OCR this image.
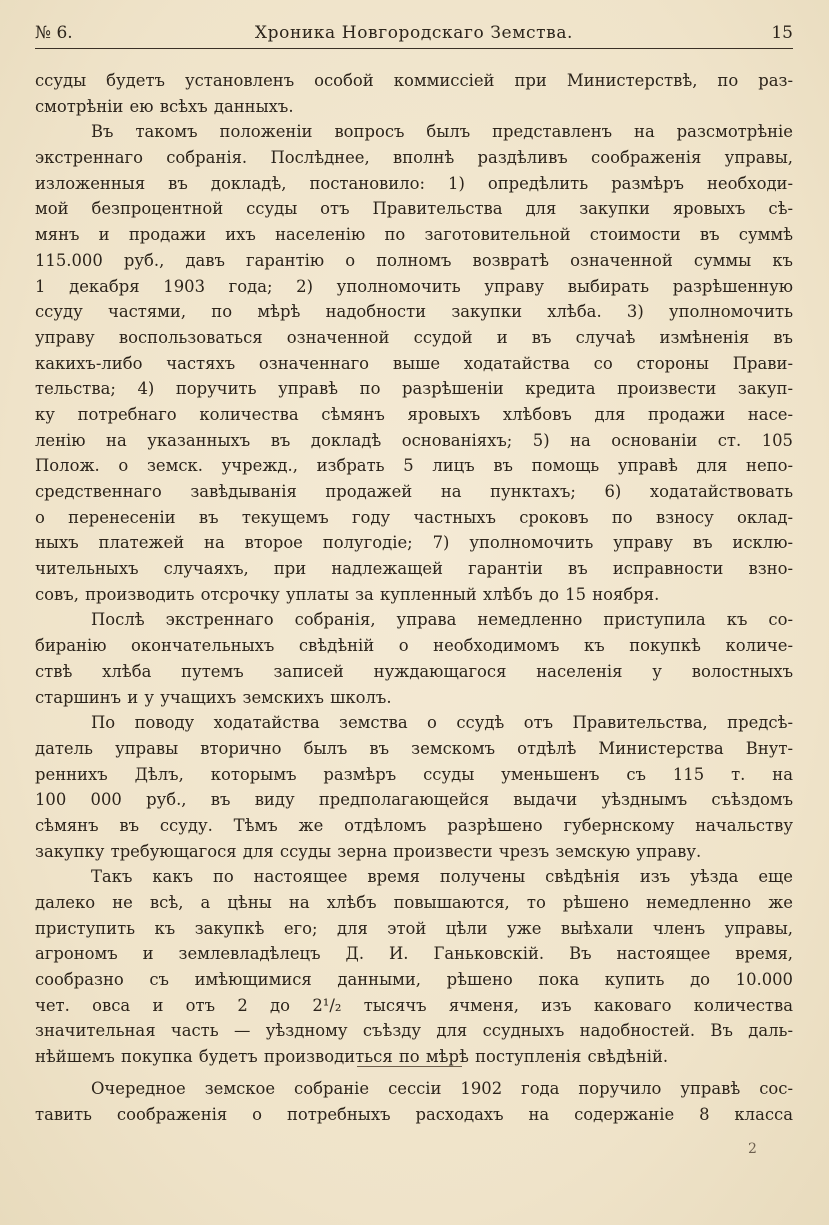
№ 6.	Хроника Новгородскаго Земства.	15
ссуды будетъ установленъ особой коммиссiей при Министерствѣ, по раз-
смотрѣнiи ею всѣхъ данныхъ.
Въ такомъ положенiи вопросъ былъ представленъ на разсмотрѣнiе
экстреннаго собранiя. Послѣднее, вполнѣ раздѣливъ соображенiя управы,
изложенныя въ докладѣ, постановило: 1) опредѣлить размѣръ необходи-
мой безпроцентной ссуды отъ Правительства для закупки яровыхъ сѣ-
мянъ и продажи ихъ населенiю по заготовительной стоимости въ суммѣ
115.000 руб., давъ гарантiю о полномъ возвратѣ означенной суммы къ
1 декабря 1903 года; 2) уполномочить управу выбирать разрѣшенную
ссуду частями, по мѣрѣ надобности закупки хлѣба. 3) уполномочить
управу воспользоваться означенной ссудой и въ случаѣ измѣненiя въ
какихъ-либо частяхъ означеннаго выше ходатайства со стороны Прави-
тельства; 4) поручить управѣ по разрѣшенiи кредита произвести закуп-
ку потребнаго количества сѣмянъ яровыхъ хлѣбовъ для продажи насе-
ленiю на указанныхъ въ докладѣ основанiяхъ; 5) на основанiи ст. 105
Полож. о земск. учрежд., избрать 5 лицъ въ помощь управѣ для непо-
средственнаго завѣдыванiя продажей на пунктахъ; 6) ходатайствовать
о перенесенiи въ текущемъ году частныхъ сроковъ по взносу оклад-
ныхъ платежей на второе полугодiе; 7) уполномочить управу въ исклю-
чительныхъ случаяхъ, при надлежащей гарантiи въ исправности взно-
совъ, производить отсрочку уплаты за купленный хлѣбъ до 15 ноября.
Послѣ экстреннаго собранiя, управа немедленно приступила къ со-
биранiю окончательныхъ свѣдѣнiй о необходимомъ къ покупкѣ количе-
ствѣ хлѣба путемъ записей нуждающагося населенiя у волостныхъ
старшинъ и у учащихъ земскихъ школъ.
По поводу ходатайства земства о ссудѣ отъ Правительства, предсѣ-
датель управы вторично былъ въ земскомъ отдѣлѣ Министерства Внут-
реннихъ Дѣлъ, которымъ размѣръ ссуды уменьшенъ съ 115 т. на
100 000 руб., въ виду предполагающейся выдачи уѣзднымъ съѣздомъ
сѣмянъ въ ссуду. Тѣмъ же отдѣломъ разрѣшено губернскому начальству
закупку требующагося для ссуды зерна произвести чрезъ земскую управу.
Такъ какъ по настоящее время получены свѣдѣнiя изъ уѣзда еще
далеко не всѣ, а цѣны на хлѣбъ повышаются, то рѣшено немедленно же
приступить къ закупкѣ его; для этой цѣли уже выѣхали членъ управы,
агрономъ и землевладѣлецъ Д. И. Ганьковскiй. Въ настоящее время,
сообразно съ имѣющимися данными, рѣшено пока купить до 10.000
чет. овса и отъ 2 до 2¹/₂ тысячъ ячменя, изъ каковаго количества
значительная часть — уѣздному съѣзду для ссудныхъ надобностей. Въ даль-
нѣйшемъ покупка будетъ производиться по мѣрѣ поступленiя свѣдѣнiй.
Очередное земское собранiе сессiи 1902 года поручило управѣ сос-
тавить соображенiя о потребныхъ расходахъ на содержанiе 8 класса
2
